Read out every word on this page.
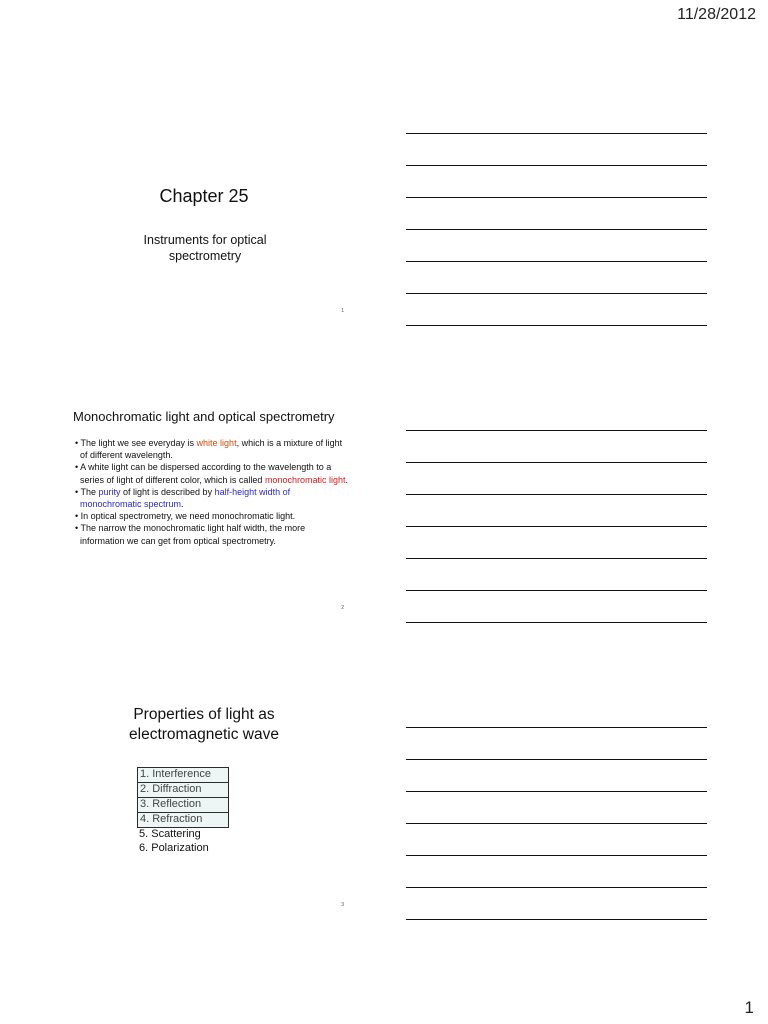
11/28/2012
Chapter 25
Instruments for optical
spectrometry
1
Monochromatic light and optical spectrometry
• The light we see everyday is white light, which is a mixture of light of different wavelength.
• A white light can be dispersed according to the wavelength to a series of light of different color, which is called monochromatic light.
• The purity of light is described by half-height width of monochromatic spectrum.
• In optical spectrometry, we need monochromatic light.
• The narrow the monochromatic light half width, the more information we can get from optical spectrometry.
2
Properties of light as
electromagnetic wave
1. Interference
2. Diffraction
3. Reflection
4. Refraction
5. Scattering
6. Polarization
3
1
